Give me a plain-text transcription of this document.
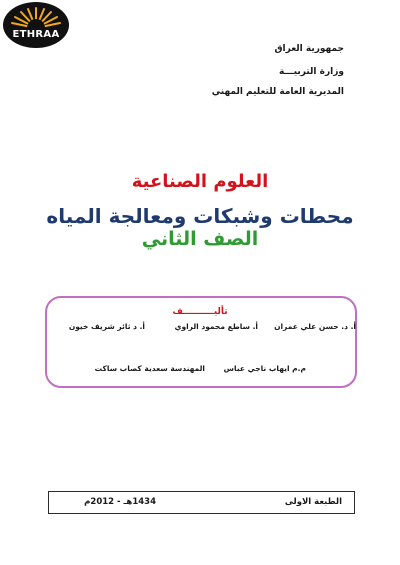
ETHRAA
جمهورية العراق
وزارة التربيـــة
المديرية العامة للتعليم المهني
العلوم الصناعية
محطات وشبكات ومعالجة المياه
الصف الثاني
تأليــــــــــف
أ. د. حسن علي عمران
أ. ساطع محمود الراوي
أ. د ثائر شريف خيون
م.م ايهاب ناجي عباس
المهندسة سعدية كصاب ساكت
الطبعة الاولى
1434هـ - 2012م
